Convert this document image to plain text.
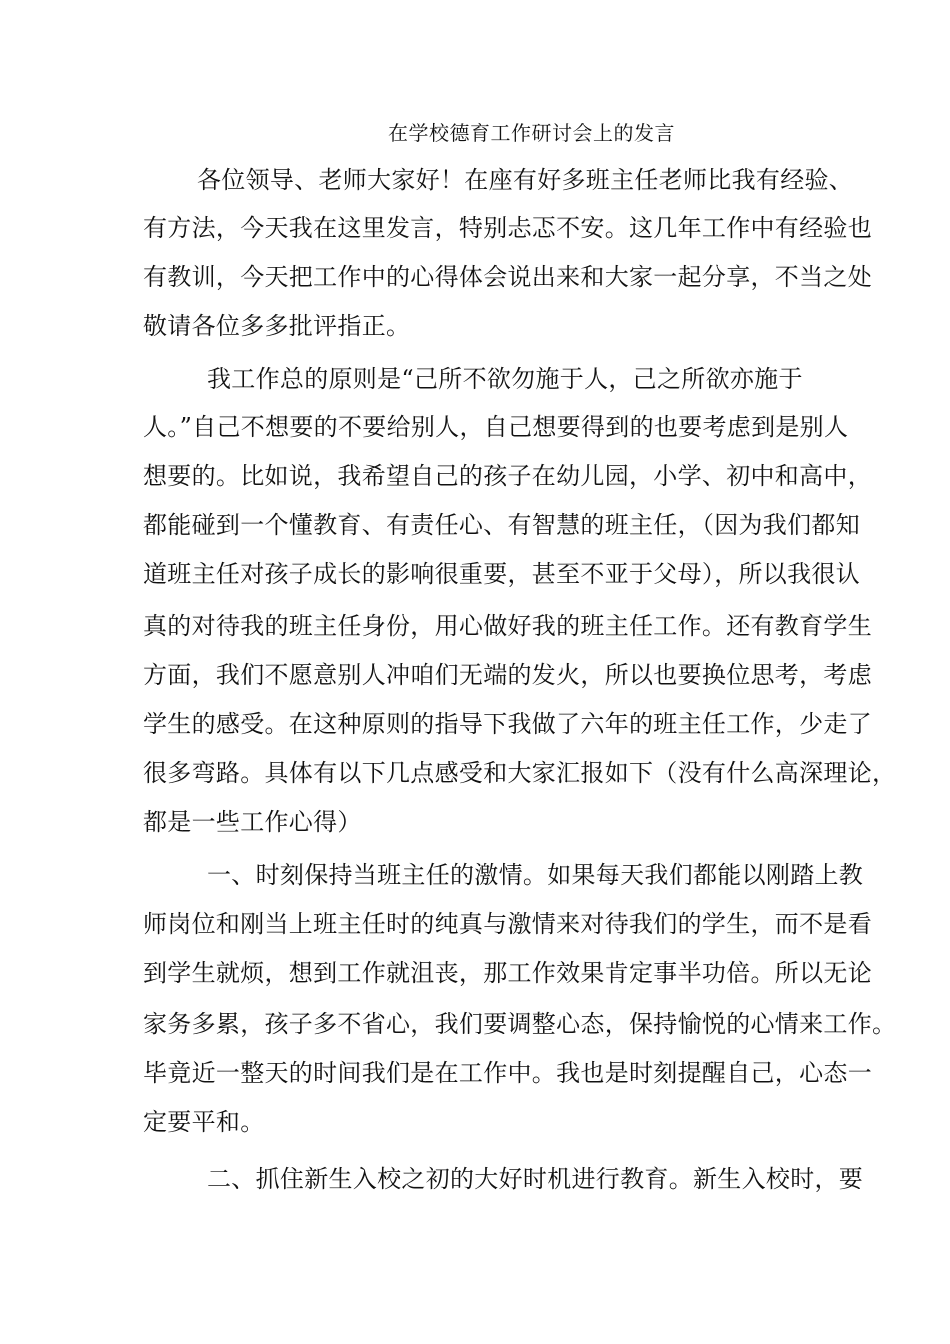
在学校德育工作研讨会上的发言
各位领导、老师大家好！在座有好多班主任老师比我有经验、
有方法，今天我在这里发言，特别忐忑不安。这几年工作中有经验也
有教训，今天把工作中的心得体会说出来和大家一起分享，不当之处
敬请各位多多批评指正。
我工作总的原则是“己所不欲勿施于人，己之所欲亦施于
人。”自己不想要的不要给别人，自己想要得到的也要考虑到是别人
想要的。比如说，我希望自己的孩子在幼儿园，小学、初中和高中，
都能碰到一个懂教育、有责任心、有智慧的班主任，（因为我们都知
道班主任对孩子成长的影响很重要，甚至不亚于父母），所以我很认
真的对待我的班主任身份，用心做好我的班主任工作。还有教育学生
方面，我们不愿意别人冲咱们无端的发火，所以也要换位思考，考虑
学生的感受。在这种原则的指导下我做了六年的班主任工作，少走了
很多弯路。具体有以下几点感受和大家汇报如下（没有什么高深理论，
都是一些工作心得）
一、时刻保持当班主任的激情。如果每天我们都能以刚踏上教
师岗位和刚当上班主任时的纯真与激情来对待我们的学生，而不是看
到学生就烦，想到工作就沮丧，那工作效果肯定事半功倍。所以无论
家务多累，孩子多不省心，我们要调整心态，保持愉悦的心情来工作。
毕竟近一整天的时间我们是在工作中。我也是时刻提醒自己，心态一
定要平和。
二、抓住新生入校之初的大好时机进行教育。新生入校时，要
